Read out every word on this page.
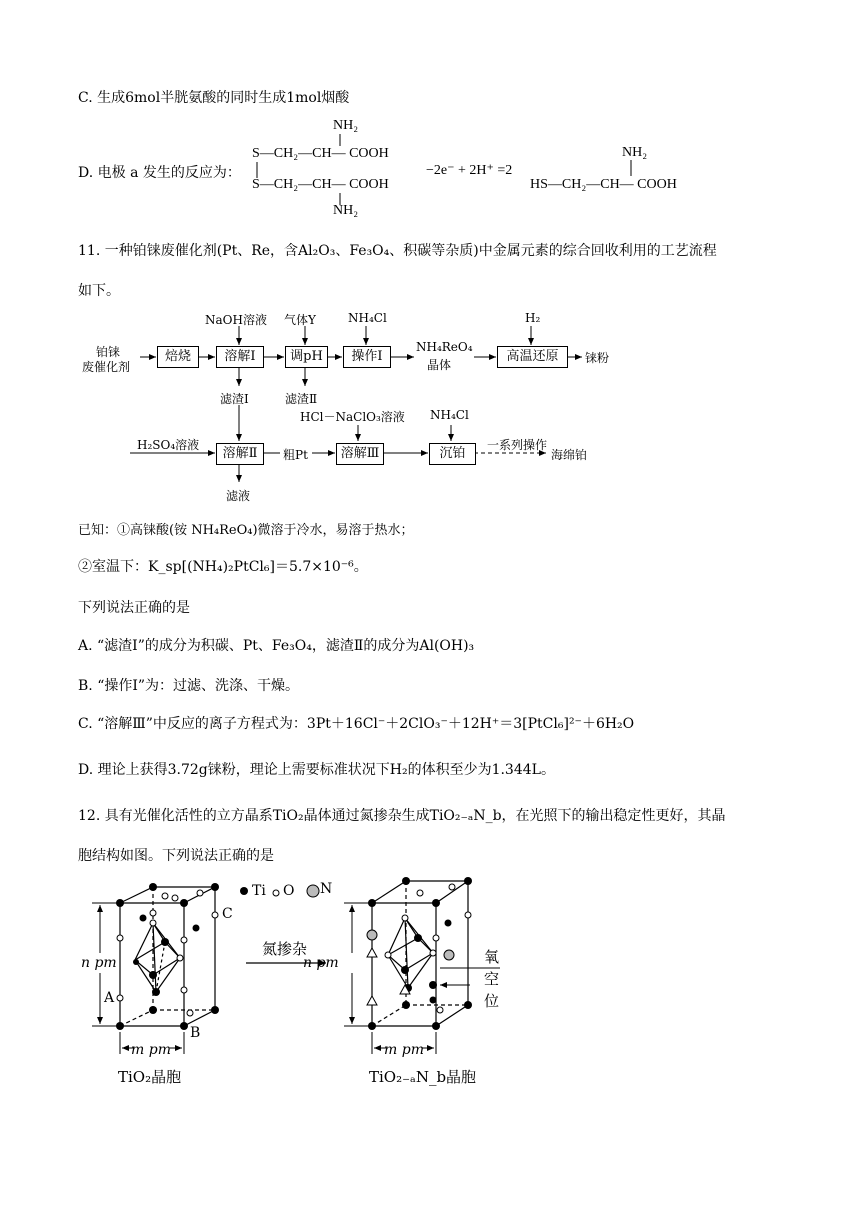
C. 生成6mol半胱氨酸的同时生成1mol烟酸
D. 电极 a 发生的反应为：
NH₂
S—CH₂—CH— COOH
S—CH₂—CH— COOH
NH₂
−2e⁻ + 2H⁺ =2
NH₂
HS—CH₂—CH— COOH
11. 一种铂铼废催化剂(Pt、Re，含Al₂O₃、Fe₃O₄、积碳等杂质)中金属元素的综合回收利用的工艺流程
如下。
铂铼
废催化剂
焙烧	溶解Ⅰ	调pH	操作Ⅰ
NH₄ReO₄
晶体
高温还原	铼粉
NaOH溶液 气体Y	NH₄Cl	H₂
滤渣Ⅰ	滤渣Ⅱ
H₂SO₄溶液
溶解Ⅱ	粗Pt
HCl－NaClO₃溶液
溶解Ⅲ
NH₄Cl
沉铂
一系列操作
海绵铂
滤液
已知：①高铼酸(铵 NH₄ReO₄)微溶于冷水，易溶于热水；
②室温下：K_sp[(NH₄)₂PtCl₆]＝5.7×10⁻⁶。
下列说法正确的是
A. “滤渣Ⅰ”的成分为积碳、Pt、Fe₃O₄，滤渣Ⅱ的成分为Al(OH)₃
B. “操作Ⅰ”为：过滤、洗涤、干燥。
C. “溶解Ⅲ”中反应的离子方程式为：3Pt＋16Cl⁻＋2ClO₃⁻＋12H⁺＝3[PtCl₆]²⁻＋6H₂O
D. 理论上获得3.72g铼粉，理论上需要标准状况下H₂的体积至少为1.344L。
12. 具有光催化活性的立方晶系TiO₂晶体通过氮掺杂生成TiO₂₋ₐN_b，在光照下的输出稳定性更好，其晶
胞结构如图。下列说法正确的是
Ti O N
C
A
B
n pm
m pm
氮掺杂
n pm
m pm
氧空位
TiO₂晶胞	TiO₂₋ₐN_b晶胞
